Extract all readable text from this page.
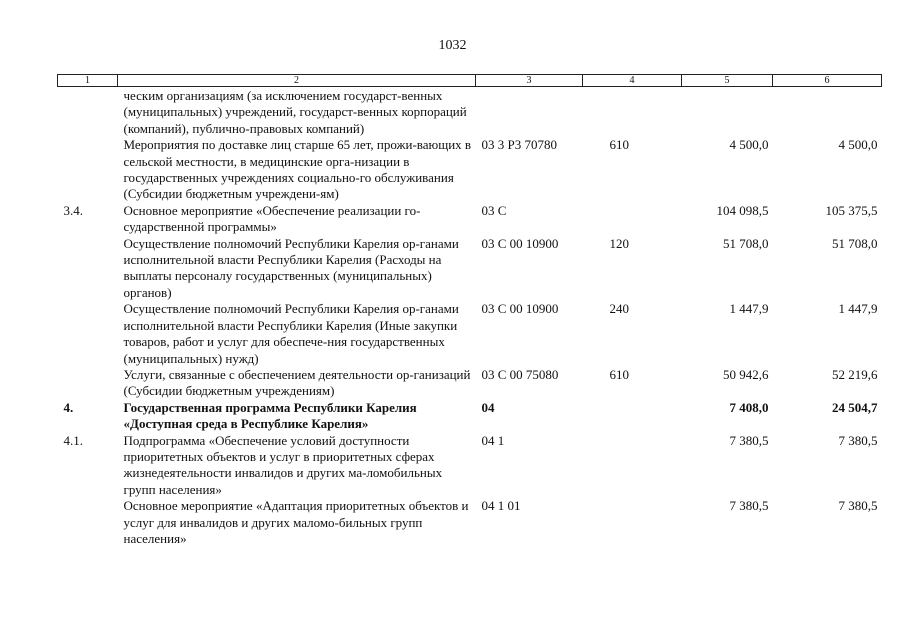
1032
1	2	3	4	5	6
	ческим организациям (за исключением государст-венных (муниципальных) учреждений, государст-венных корпораций (компаний), публично-правовых компаний)				
	Мероприятия по доставке лиц старше 65 лет, прожи-вающих в сельской местности, в медицинские орга-низации в государственных учреждениях социально-го обслуживания (Субсидии бюджетным учреждени-ям)	03 3 Р3 70780	610	4 500,0	4 500,0
3.4.	Основное мероприятие «Обеспечение реализации го-сударственной программы»	03 С		104 098,5	105 375,5
	Осуществление полномочий Республики Карелия ор-ганами исполнительной власти Республики Карелия (Расходы на выплаты персоналу государственных (муниципальных) органов)	03 С 00 10900	120	51 708,0	51 708,0
	Осуществление полномочий Республики Карелия ор-ганами исполнительной власти Республики Карелия (Иные закупки товаров, работ и услуг для обеспече-ния государственных (муниципальных) нужд)	03 С 00 10900	240	1 447,9	1 447,9
	Услуги, связанные с обеспечением деятельности ор-ганизаций (Субсидии бюджетным учреждениям)	03 С 00 75080	610	50 942,6	52 219,6
4.	Государственная программа Республики Карелия «Доступная среда в Республике Карелия»	04		7 408,0	24 504,7
4.1.	Подпрограмма «Обеспечение условий доступности приоритетных объектов и услуг в приоритетных сферах жизнедеятельности инвалидов и других ма-ломобильных групп населения»	04 1		7 380,5	7 380,5
	Основное мероприятие «Адаптация приоритетных объектов и услуг для инвалидов и других маломо-бильных групп населения»	04 1 01		7 380,5	7 380,5
